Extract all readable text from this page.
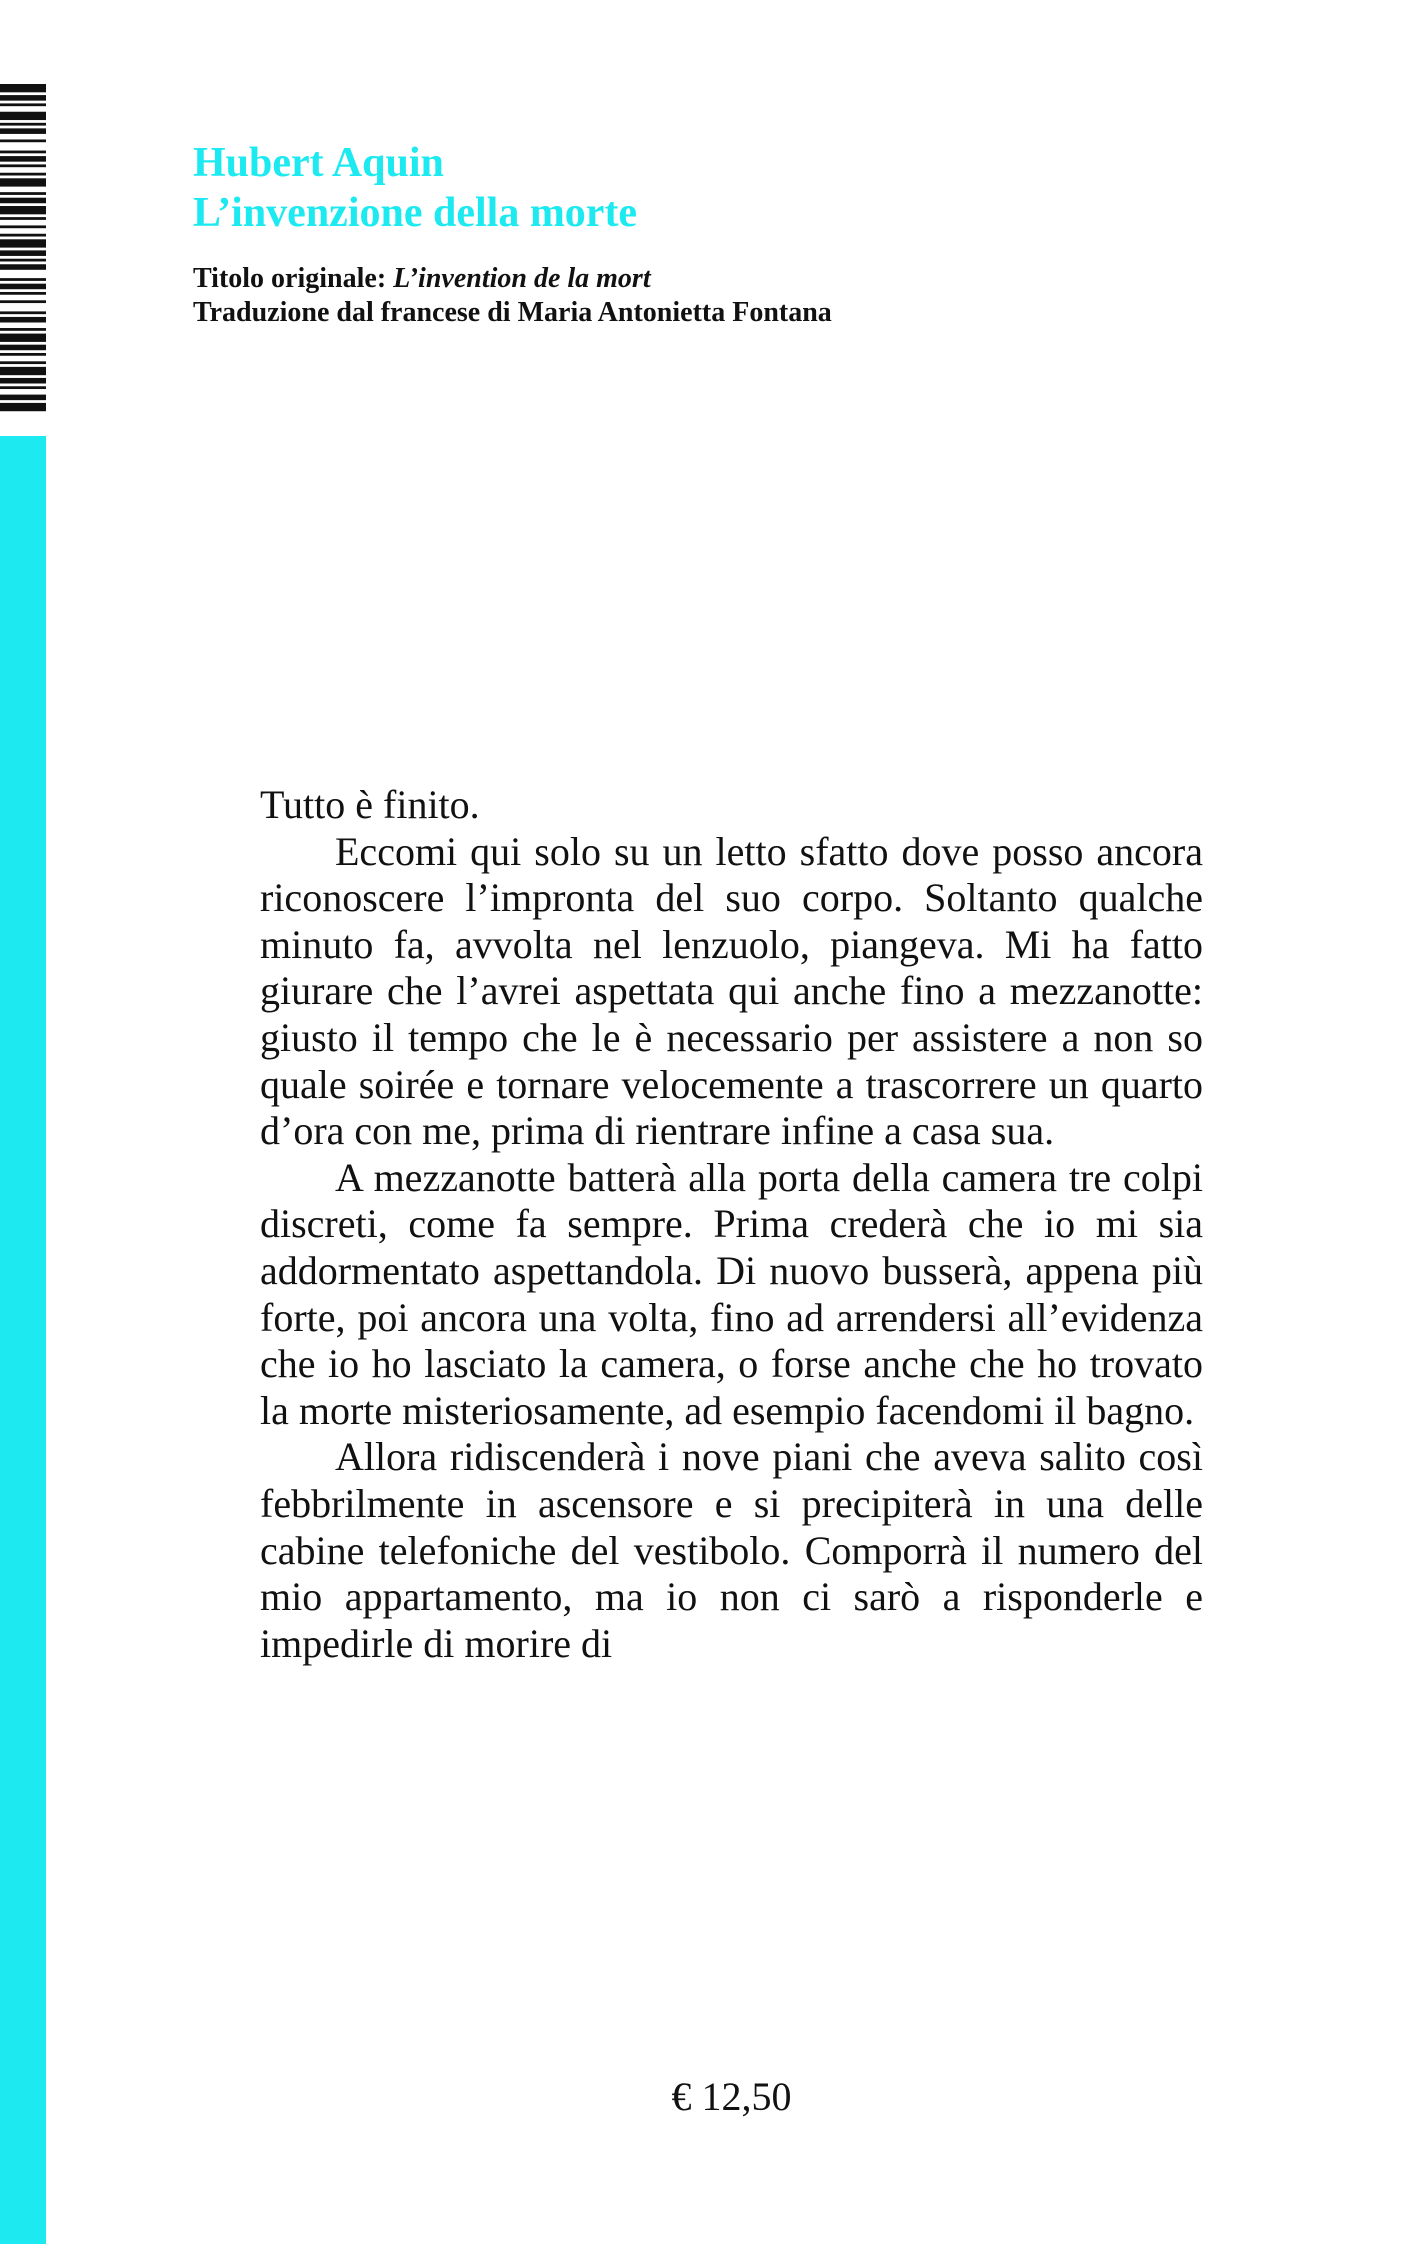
Hubert Aquin

L’invenzione della morte

Titolo originale: L’invention de la mort
Traduzione dal francese di Maria Antonietta Fontana

Tutto è finito.

Eccomi qui solo su un letto sfatto dove posso ancora riconoscere l’impronta del suo corpo. Soltanto qualche minuto fa, avvolta nel lenzuolo, piangeva. Mi ha fatto giurare che l’avrei aspettata qui anche fino a mezzanotte: giusto il tempo che le è necessario per assistere a non so quale soirée e tornare velocemente a trascorrere un quarto d’ora con me, prima di rientrare infine a casa sua.

A mezzanotte batterà alla porta della camera tre colpi discreti, come fa sempre. Prima crederà che io mi sia addormentato aspettandola. Di nuovo busserà, appena più forte, poi ancora una volta, fino ad arrendersi all’evidenza che io ho lasciato la camera, o forse anche che ho trovato la morte misteriosamente, ad esempio facendomi il bagno.

Allora ridiscenderà i nove piani che aveva salito così febbrilmente in ascensore e si precipiterà in una delle cabine telefoniche del vestibolo. Comporrà il numero del mio appartamento, ma io non ci sarò a risponderle e impedirle di morire di

€ 12,50
